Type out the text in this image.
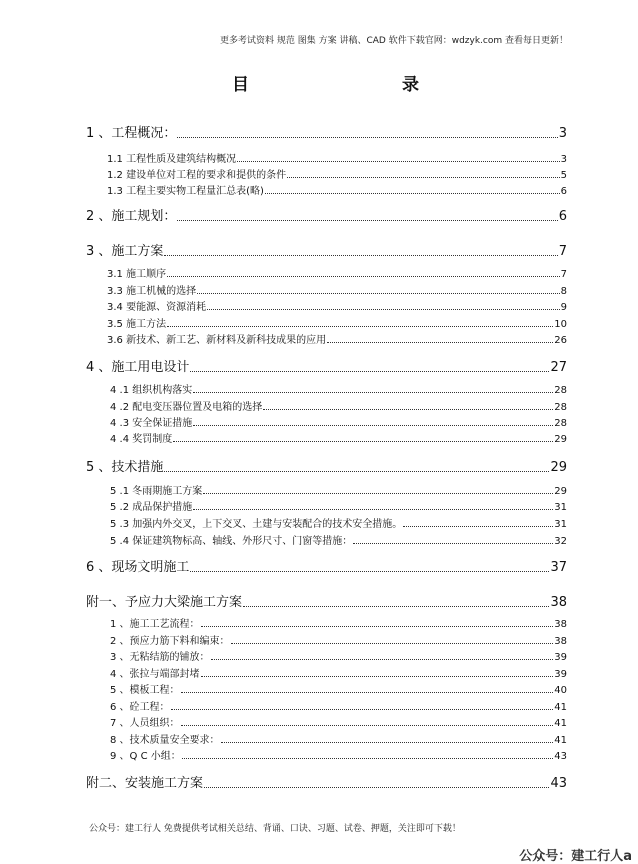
更多考试资料 规范 图集 方案 讲稿、CAD 软件下载官网：wdzyk.com 查看每日更新！
目	录
1 、工程概况：	3
1.1 工程性质及建筑结构概况	3
1.2 建设单位对工程的要求和提供的条件	5
1.3 工程主要实物工程量汇总表(略)	6
2 、施工规划：	6
3 、施工方案	7
3.1 施工顺序	7
3.3 施工机械的选择	8
3.4 要能源、资源消耗	9
3.5 施工方法	10
3.6 新技术、新工艺、新材料及新科技成果的应用	26
4 、施工用电设计	27
4 .1 组织机构落实	28
4 .2 配电变压器位置及电箱的选择	28
4 .3 安全保证措施	28
4 .4 奖罚制度	29
5 、技术措施	29
5 .1 冬雨期施工方案	29
5 .2 成品保护措施	31
5 .3 加强内外交叉，上下交叉、土建与安装配合的技术安全措施。	31
5 .4 保证建筑物标高、轴线、外形尺寸、门窗等措施：	32
6 、现场文明施工	37
附一、予应力大梁施工方案	38
1 、施工工艺流程：	38
2 、预应力筋下料和编束：	38
3 、无粘结筋的铺放：	39
4 、张拉与端部封堵	39
5 、模板工程：	40
6 、砼工程：	41
7 、人员组织：	41
8 、技术质量安全要求：	41
9 、Q C 小组：	43
附二、安装施工方案	43
公众号：建工行人 免费提供考试相关总结、背诵、口诀、习题、试卷、押题，关注即可下载！
公众号：建工行人a
